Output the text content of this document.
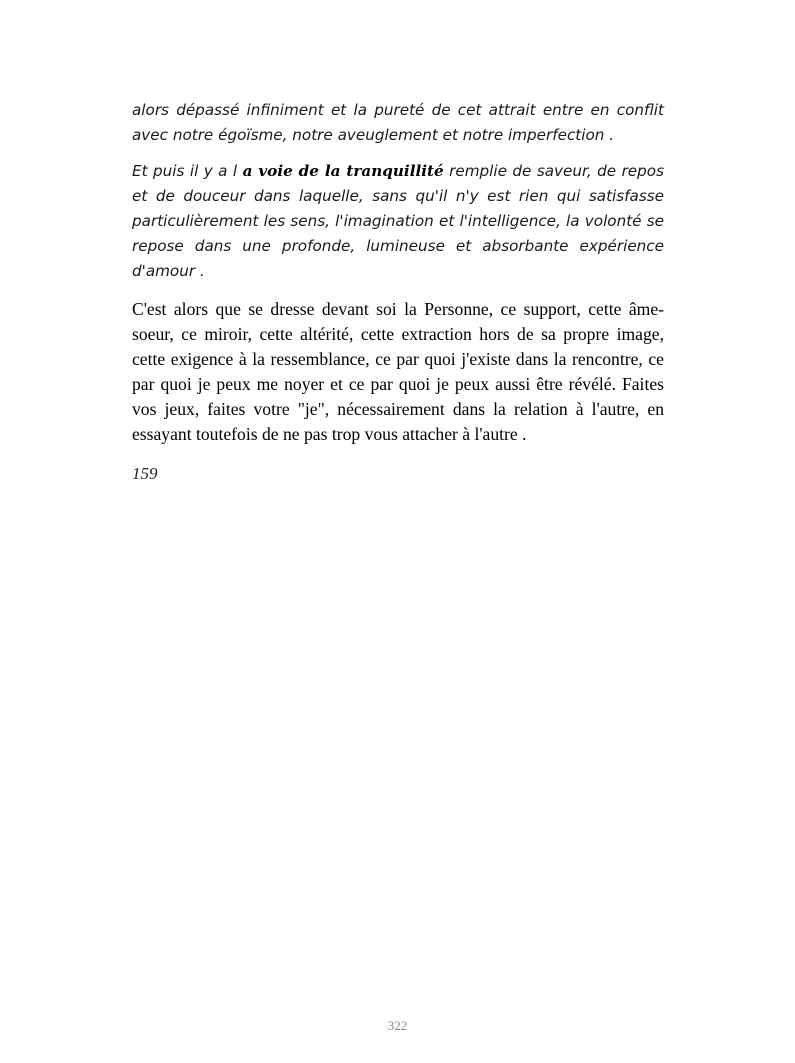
alors dépassé infiniment et la pureté de cet attrait entre en conflit avec notre égoïsme, notre aveuglement et notre imperfection .

Et puis il y a l a voie de la tranquillité remplie de saveur, de repos et de douceur dans laquelle, sans qu'il n'y est rien qui satisfasse particulièrement les sens, l'imagination et l'intelligence, la volonté se repose dans une profonde, lumineuse et absorbante expérience d'amour .

C'est alors que se dresse devant soi la Personne, ce support, cette âme-soeur, ce miroir, cette altérité, cette extraction hors de sa propre image, cette exigence à la ressemblance, ce par quoi j'existe dans la rencontre, ce par quoi je peux me noyer et ce par quoi je peux aussi être révélé. Faites vos jeux, faites votre "je", nécessairement dans la relation à l'autre, en essayant toutefois de ne pas trop vous attacher à l'autre .

159

322
